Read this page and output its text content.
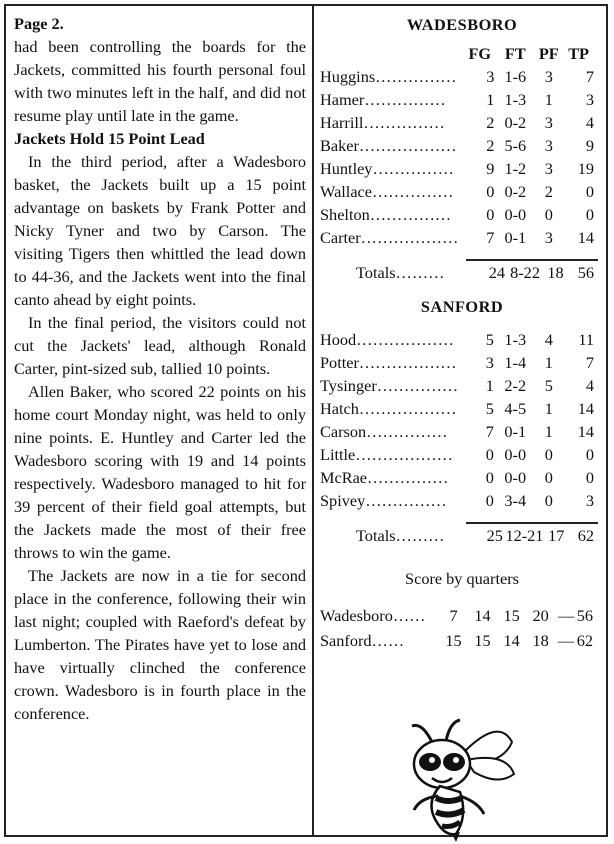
Page 2.

had been controlling the boards for the Jackets, committed his fourth personal foul with two minutes left in the half, and did not resume play until late in the game.

Jackets Hold 15 Point Lead

In the third period, after a Wadesboro basket, the Jackets built up a 15 point advantage on baskets by Frank Potter and Nicky Tyner and two by Carson. The visiting Tigers then whittled the lead down to 44-36, and the Jackets went into the final canto ahead by eight points.

In the final period, the visitors could not cut the Jackets' lead, although Ronald Carter, pint-sized sub, tallied 10 points.

Allen Baker, who scored 22 points on his home court Monday night, was held to only nine points. E. Huntley and Carter led the Wadesboro scoring with 19 and 14 points respectively. Wadesboro managed to hit for 39 percent of their field goal attempts, but the Jackets made the most of their free throws to win the game.

The Jackets are now in a tie for second place in the conference, following their win last night; coupled with Raeford's defeat by Lumberton. The Pirates have yet to lose and have virtually clinched the conference crown. Wadesboro is in fourth place in the conference.

WADESBORO
	FG	FT	PF	TP
Huggins……………	3	1-6	3	7
Hamer……………	1	1-3	1	3
Harrill……………	2	0-2	3	4
Baker………………	2	5-6	3	9
Huntley……………	9	1-2	3	19
Wallace……………	0	0-2	2	0
Shelton……………	0	0-0	0	0
Carter………………	7	0-1	3	14
Totals………	24	8-22	18	56
SANFORD
Hood………………	5	1-3	4	11
Potter………………	3	1-4	1	7
Tysinger……………	1	2-2	5	4
Hatch………………	5	4-5	1	14
Carson……………	7	0-1	1	14
Little………………	0	0-0	0	0
McRae……………	0	0-0	0	0
Spivey……………	0	3-4	0	3
Totals………	25	12-21	17	62
Score by quarters
Wadesboro……	7	14	15	20	—	56
Sanford……	15	15	14	18	—	62
